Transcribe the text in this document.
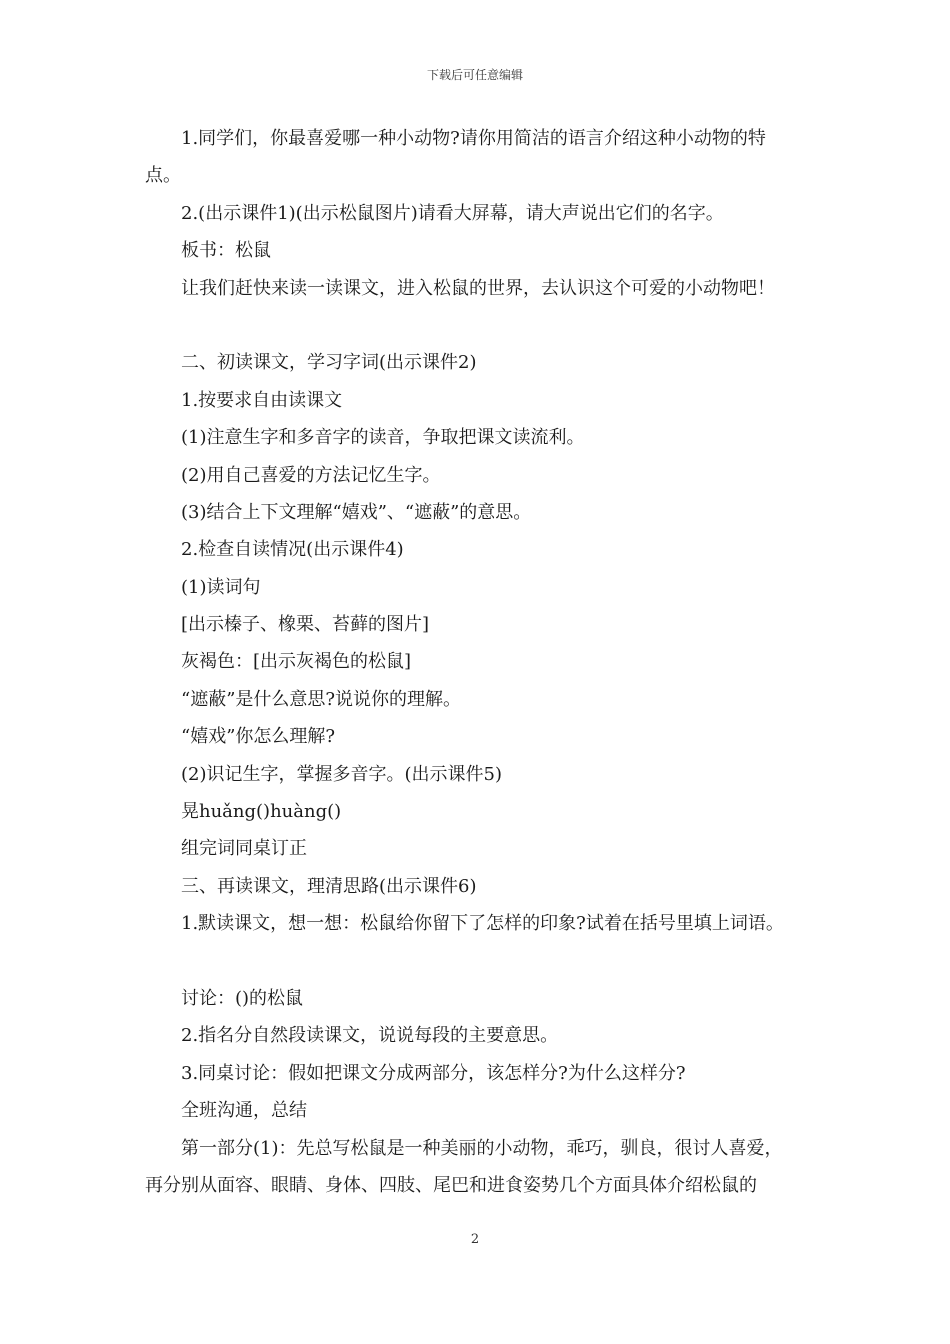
下载后可任意编辑
1.同学们，你最喜爱哪一种小动物?请你用简洁的语言介绍这种小动物的特
点。
2.(出示课件1)(出示松鼠图片)请看大屏幕，请大声说出它们的名字。
板书：松鼠
让我们赶快来读一读课文，进入松鼠的世界，去认识这个可爱的小动物吧！
二、初读课文，学习字词(出示课件2)
1.按要求自由读课文
(1)注意生字和多音字的读音，争取把课文读流利。
(2)用自己喜爱的方法记忆生字。
(3)结合上下文理解“嬉戏”、“遮蔽”的意思。
2.检查自读情况(出示课件4)
(1)读词句
[出示榛子、橡栗、苔藓的图片]
灰褐色：[出示灰褐色的松鼠]
“遮蔽”是什么意思?说说你的理解。
“嬉戏”你怎么理解?
(2)识记生字，掌握多音字。(出示课件5)
晃huǎng()huàng()
组完词同桌订正
三、再读课文，理清思路(出示课件6)
1.默读课文，想一想：松鼠给你留下了怎样的印象?试着在括号里填上词语。
讨论：()的松鼠
2.指名分自然段读课文，说说每段的主要意思。
3.同桌讨论：假如把课文分成两部分，该怎样分?为什么这样分?
全班沟通，总结
第一部分(1)：先总写松鼠是一种美丽的小动物，乖巧，驯良，很讨人喜爱，
再分别从面容、眼睛、身体、四肢、尾巴和进食姿势几个方面具体介绍松鼠的
2
